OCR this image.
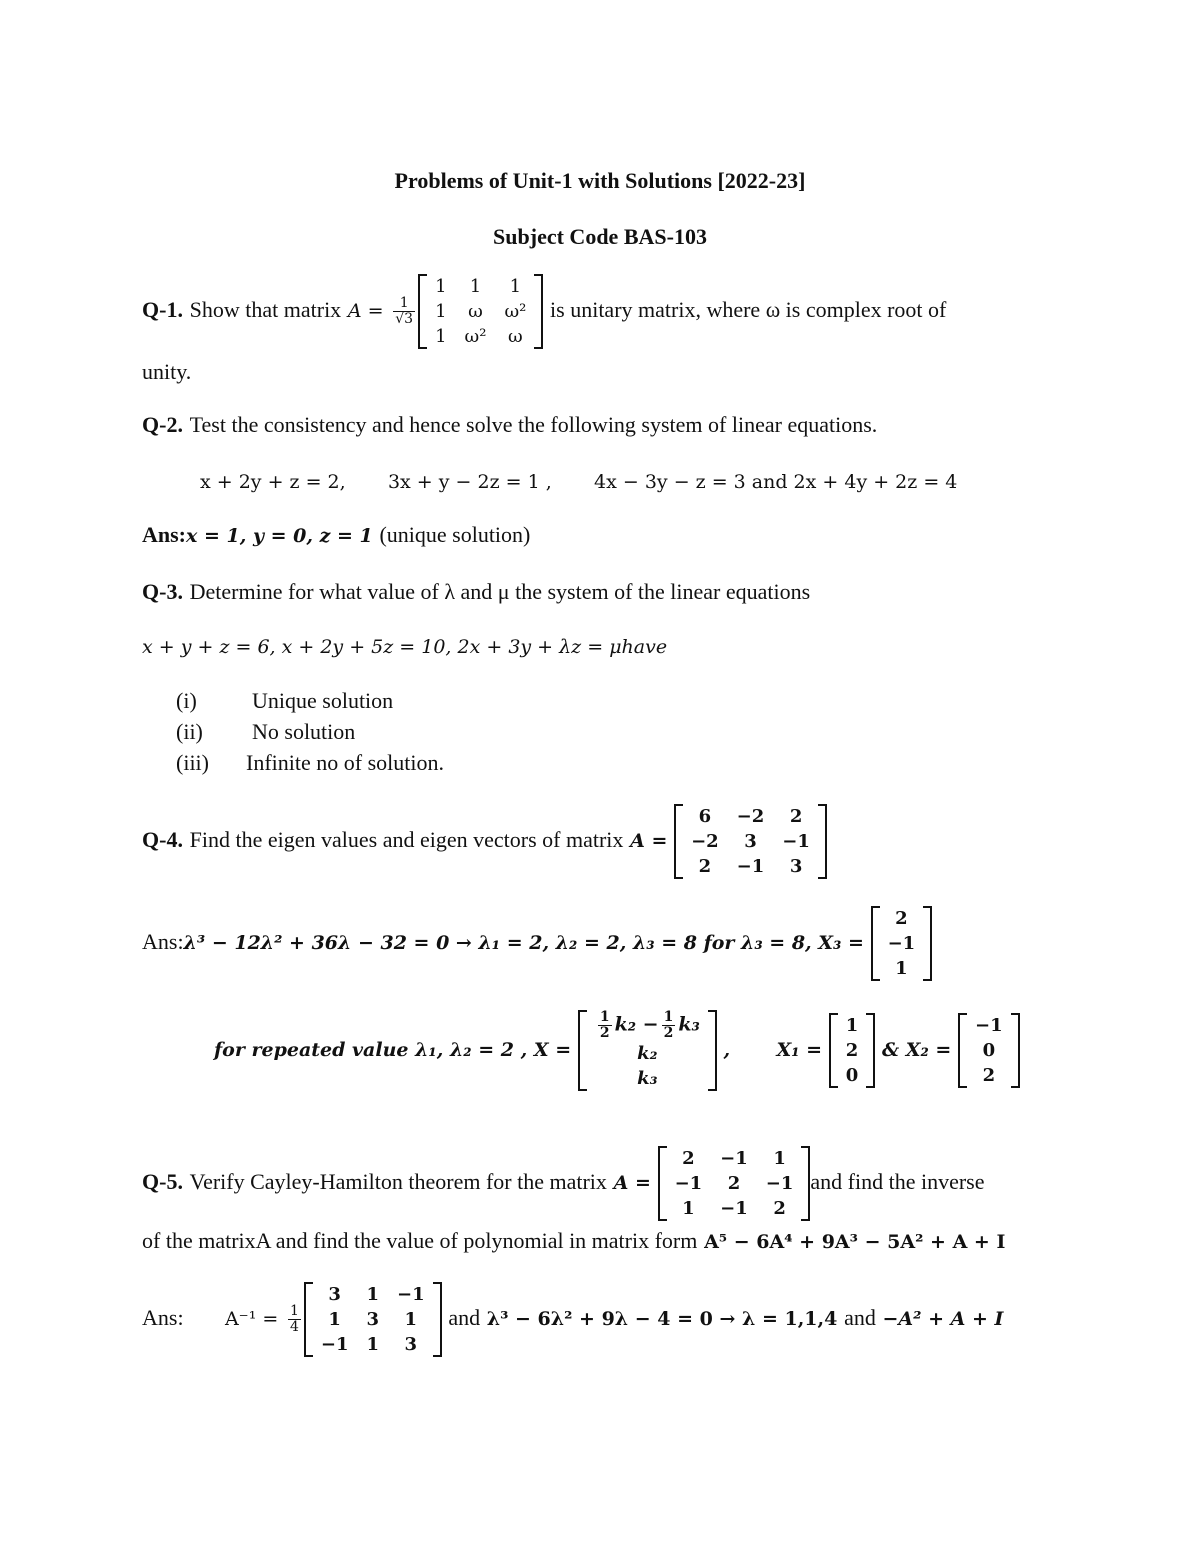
Problems of Unit-1 with Solutions [2022-23]
Subject Code BAS-103
Q-1. Show that matrix $A = \frac{1}{√3}$
1	1	1
1	ω	ω²
1	ω²	ω
is unitary matrix, where ω is complex root of
unity.
Q-2. Test the consistency and hence solve the following system of linear equations.
x + 2y + z = 2,       3x + y − 2z = 1 ,       4x − 3y − z = 3 and 2x + 4y + 2z = 4
Ans:x = 1, y = 0, z = 1 (unique solution)
Q-3. Determine for what value of λ and μ the system of the linear equations
x + y + z = 6, x + 2y + 5z = 10, 2x + 3y + λz = μhave
(i)	Unique solution
(ii) No solution
(iii) Infinite no of solution.
Q-4. Find the eigen values and eigen vectors of matrix A =
6	−2	2
−2	3	−1
2	−1	3
Ans:λ³ − 12λ² + 36λ − 32 = 0 → λ₁ = 2, λ₂ = 2, λ₃ = 8 for λ₃ = 8, X₃ =
2
−1
1
for repeated value λ₁, λ₂ = 2 , X =
$\frac{1}{2} k_2 - \frac{1}{2} k_3$
k₂
k₃
,       X₁ =
1
2
0
& X₂ =
−1
0
2
Q-5. Verify Cayley-Hamilton theorem for the matrix A =
2	−1	1
−1	2	−1
1	−1	2
and find the inverse
of the matrixA and find the value of polynomial in matrix form A⁵ − 6A⁴ + 9A³ − 5A² + A + I
Ans: $A^{-1} = \frac{1}{4}$
3	1	−1
1	3	1
−1	1	3
and λ³ − 6λ² + 9λ − 4 = 0 → λ = 1,1,4 and −A² + A + I
